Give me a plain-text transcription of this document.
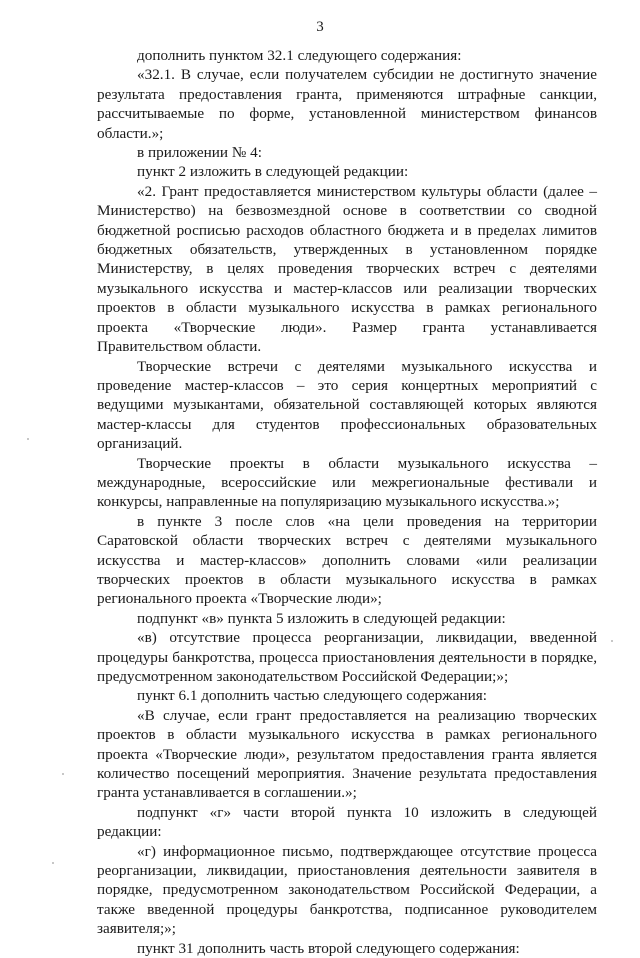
3

дополнить пунктом 32.1 следующего содержания:

«32.1. В случае, если получателем субсидии не достигнуто значение результата предоставления гранта, применяются штрафные санкции, рассчитываемые по форме, установленной министерством финансов области.»;

в приложении № 4:

пункт 2 изложить в следующей редакции:

«2. Грант предоставляется министерством культуры области (далее – Министерство) на безвозмездной основе в соответствии со сводной бюджетной росписью расходов областного бюджета и в пределах лимитов бюджетных обязательств, утвержденных в установленном порядке Министерству, в целях проведения творческих встреч с деятелями музыкального искусства и мастер-классов или реализации творческих проектов в области музыкального искусства в рамках регионального проекта «Творческие люди». Размер гранта устанавливается Правительством области.

Творческие встречи с деятелями музыкального искусства и проведение мастер-классов – это серия концертных мероприятий с ведущими музыкантами, обязательной составляющей которых являются мастер-классы для студентов профессиональных образовательных организаций.

Творческие проекты в области музыкального искусства – международные, всероссийские или межрегиональные фестивали и конкурсы, направленные на популяризацию музыкального искусства.»;

в пункте 3 после слов «на цели проведения на территории Саратовской области творческих встреч с деятелями музыкального искусства и мастер-классов» дополнить словами «или реализации творческих проектов в области музыкального искусства в рамках регионального проекта «Творческие люди»;

подпункт «в» пункта 5 изложить в следующей редакции:

«в) отсутствие процесса реорганизации, ликвидации, введенной процедуры банкротства, процесса приостановления деятельности в порядке, предусмотренном законодательством Российской Федерации;»;

пункт 6.1 дополнить частью следующего содержания:

«В случае, если грант предоставляется на реализацию творческих проектов в области музыкального искусства в рамках регионального проекта «Творческие люди», результатом предоставления гранта является количество посещений мероприятия. Значение результата предоставления гранта устанавливается в соглашении.»;

подпункт «г» части второй пункта 10 изложить в следующей редакции:

«г) информационное письмо, подтверждающее отсутствие процесса реорганизации, ликвидации, приостановления деятельности заявителя в порядке, предусмотренном законодательством Российской Федерации, а также введенной процедуры банкротства, подписанное руководителем заявителя;»;

пункт 31 дополнить часть второй следующего содержания:
